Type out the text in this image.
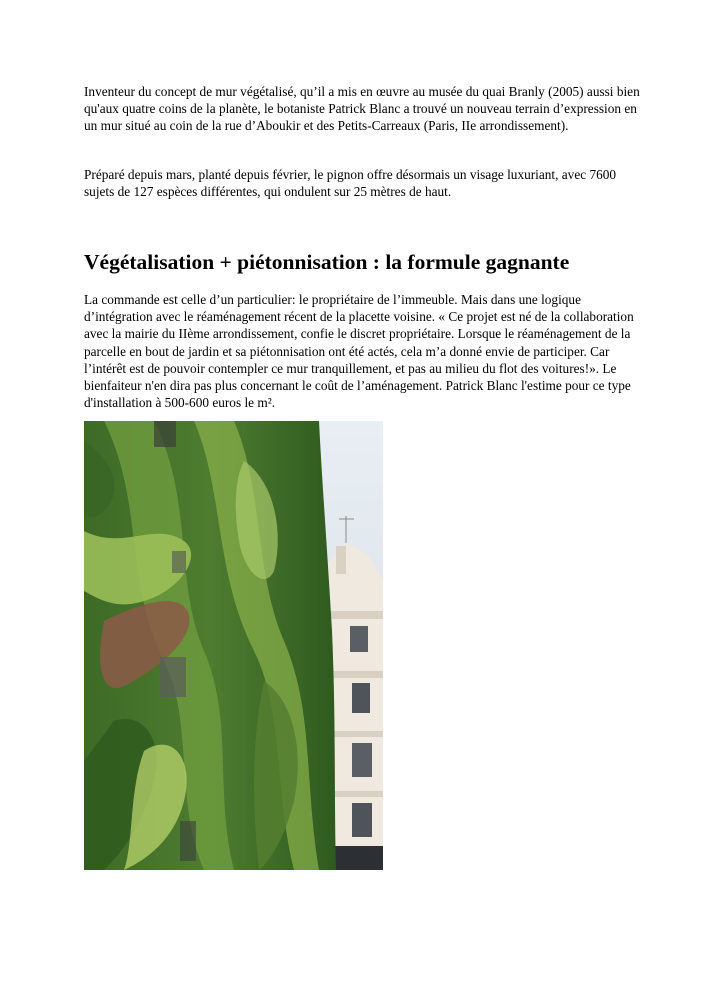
Inventeur du concept de mur végétalisé, qu’il a mis en œuvre au musée du quai Branly (2005) aussi bien qu'aux quatre coins de la planète, le botaniste Patrick Blanc a trouvé un nouveau terrain d’expression en un mur situé au coin de la rue d’Aboukir et des Petits-Carreaux (Paris, IIe arrondissement).

Préparé depuis mars, planté depuis février, le pignon offre désormais un visage luxuriant, avec 7600 sujets de 127 espèces différentes, qui ondulent sur 25 mètres de haut.

Végétalisation + piétonnisation : la formule gagnante

La commande est celle d’un particulier: le propriétaire de l’immeuble. Mais dans une logique d’intégration avec le réaménagement récent de la placette voisine. « Ce projet est né de la collaboration avec la mairie du IIème arrondissement, confie le discret propriétaire. Lorsque le réaménagement de la parcelle en bout de jardin et sa piétonnisation ont été actés, cela m’a donné envie de participer. Car l’intérêt est de pouvoir contempler ce mur tranquillement, et pas au milieu du flot des voitures!». Le bienfaiteur n'en dira pas plus concernant le coût de l’aménagement. Patrick Blanc l'estime pour ce type d'installation à 500-600 euros le m².
